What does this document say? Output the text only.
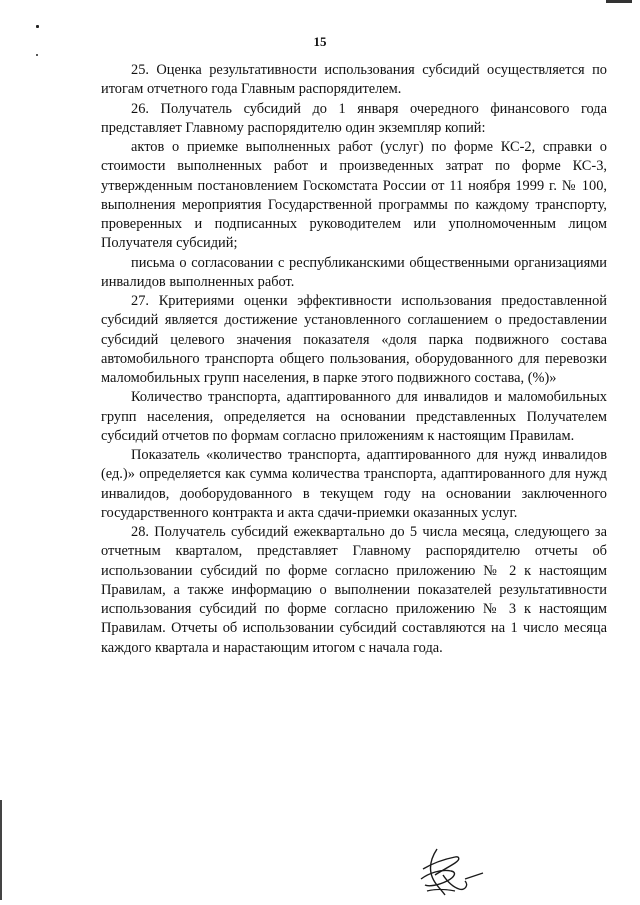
15

25. Оценка результативности использования субсидий осуществляется по итогам отчетного года Главным распорядителем.

26. Получатель субсидий до 1 января очередного финансового года представляет Главному распорядителю один экземпляр копий:

актов о приемке выполненных работ (услуг) по форме КС-2, справки о стоимости выполненных работ и произведенных затрат по форме КС-3, утвержденным постановлением Госкомстата России от 11 ноября 1999 г. № 100, выполнения мероприятия Государственной программы по каждому транспорту, проверенных и подписанных руководителем или уполномоченным лицом Получателя субсидий;

письма о согласовании с республиканскими общественными организациями инвалидов выполненных работ.

27. Критериями оценки эффективности использования предоставленной субсидий является достижение установленного соглашением о предоставлении субсидий целевого значения показателя «доля парка подвижного состава автомобильного транспорта общего пользования, оборудованного для перевозки маломобильных групп населения, в парке этого подвижного состава, (%)»

Количество транспорта, адаптированного для инвалидов и маломобильных групп населения, определяется на основании представленных Получателем субсидий отчетов по формам согласно приложениям к настоящим Правилам.

Показатель «количество транспорта, адаптированного для нужд инвалидов (ед.)» определяется как сумма количества транспорта, адаптированного для нужд инвалидов, дооборудованного в текущем году на основании заключенного государственного контракта и акта сдачи-приемки оказанных услуг.

28. Получатель субсидий ежеквартально до 5 числа месяца, следующего за отчетным кварталом, представляет Главному распорядителю отчеты об использовании субсидий по форме согласно приложению № 2 к настоящим Правилам, а также информацию о выполнении показателей результативности использования субсидий по форме согласно приложению № 3 к настоящим Правилам. Отчеты об использовании субсидий составляются на 1 число месяца каждого квартала и нарастающим итогом с начала года.
